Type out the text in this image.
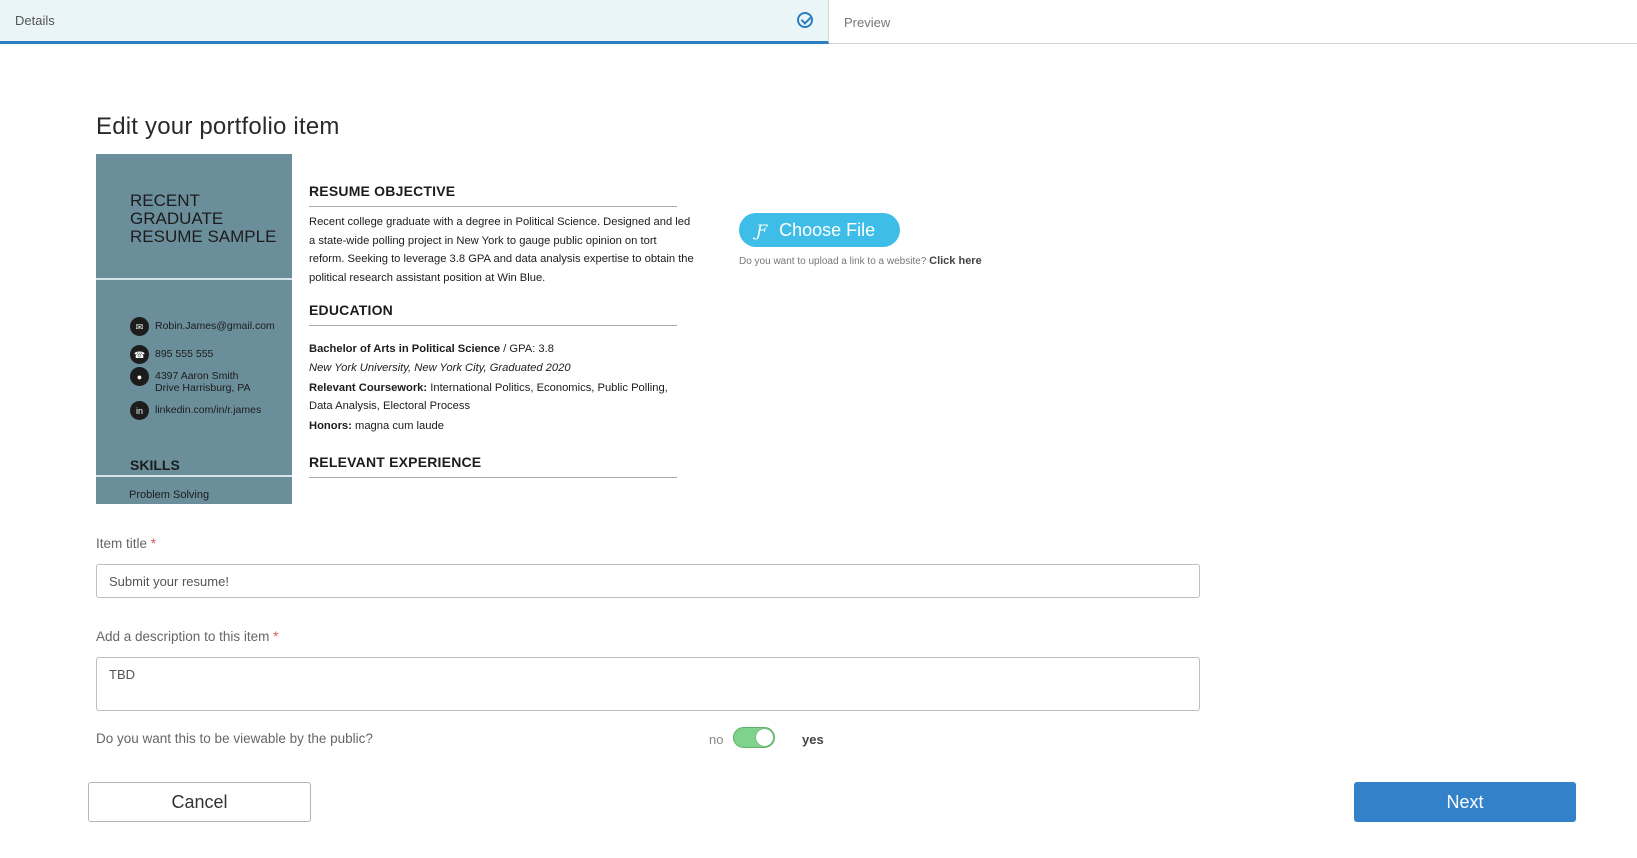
Details	Preview
Edit your portfolio item
RECENT
GRADUATE
RESUME SAMPLE
✉	Robin.James@gmail.com
☎ 895 555 555
●	4397 Aaron Smith
Drive Harrisburg, PA
in	linkedin.com/in/r.james
SKILLS
Problem Solving
RESUME OBJECTIVE
Recent college graduate with a degree in Political Science. Designed and led a state-wide polling project in New York to gauge public opinion on tort reform. Seeking to leverage 3.8 GPA and data analysis expertise to obtain the political research assistant position at Win Blue.
EDUCATION
Bachelor of Arts in Political Science / GPA: 3.8
New York University, New York City, Graduated 2020
Relevant Coursework: International Politics, Economics, Public Polling,
Data Analysis, Electoral Process
Honors: magna cum laude
RELEVANT EXPERIENCE
Ƒ Choose File
Do you want to upload a link to a website? Click here
Item title *
Submit your resume!
Add a description to this item *
TBD
Do you want this to be viewable by the public?	no	yes
Cancel	Next
